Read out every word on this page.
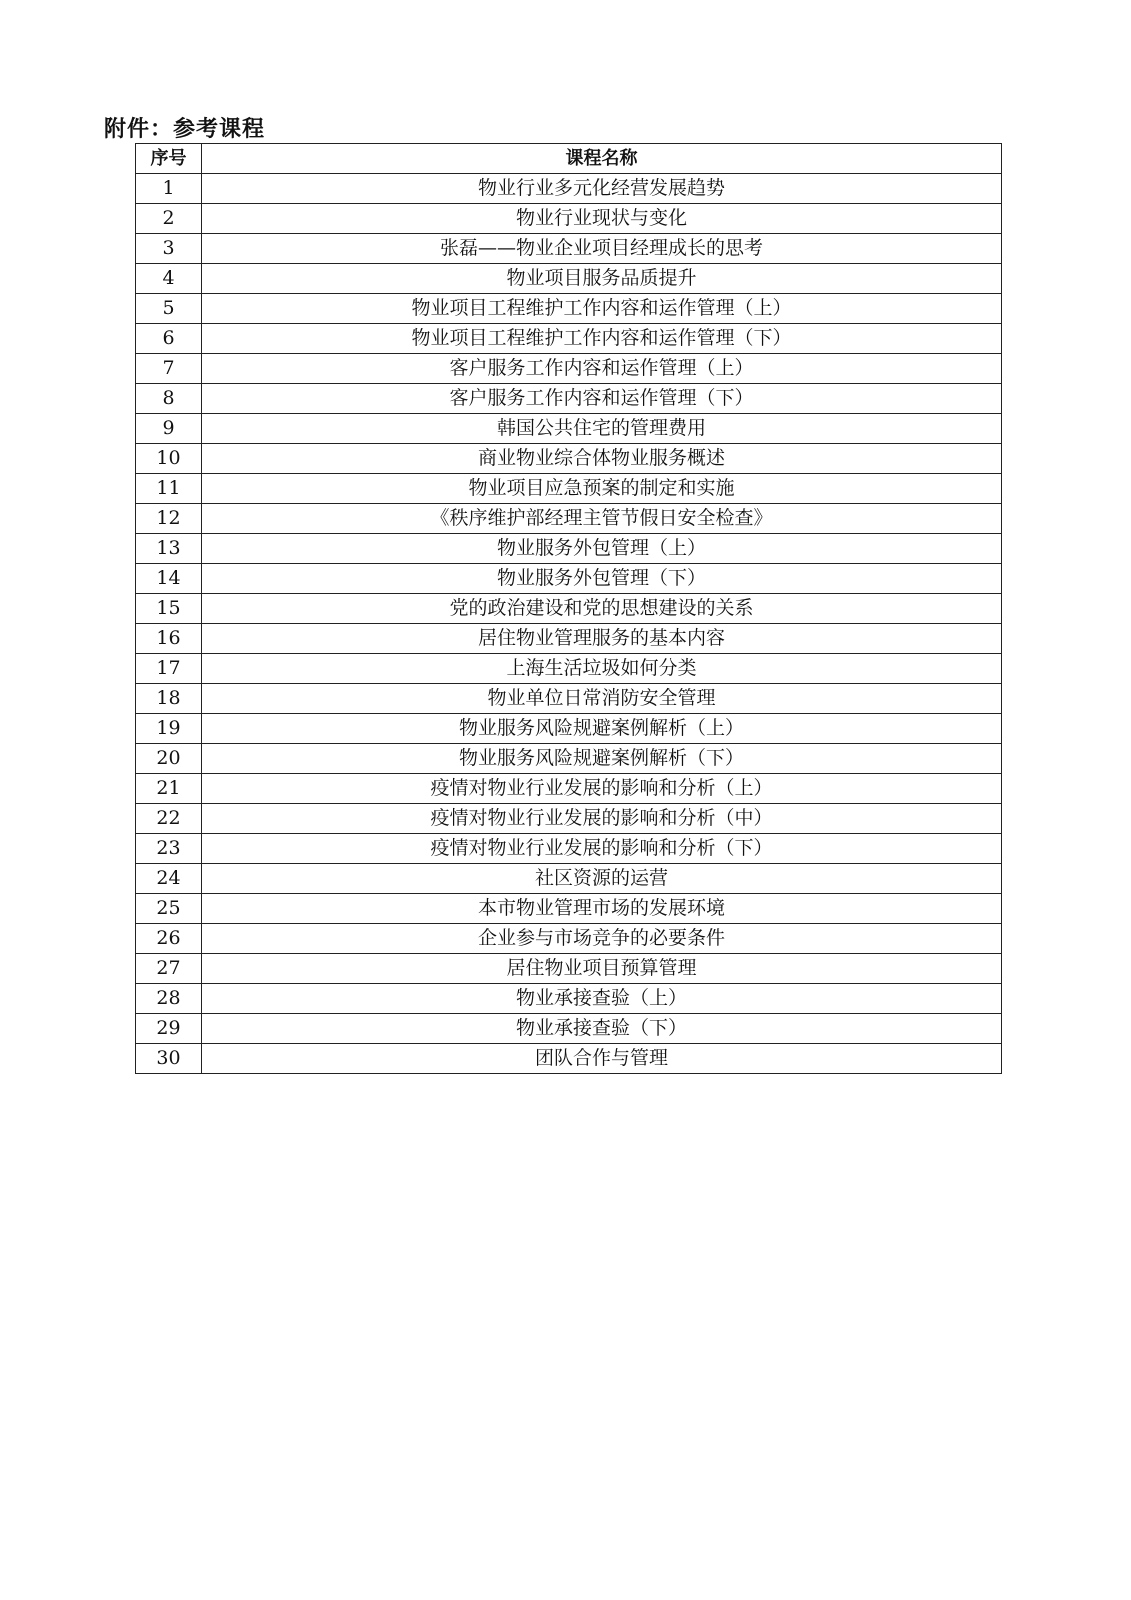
附件：参考课程
序号	课程名称
1	物业行业多元化经营发展趋势
2	物业行业现状与变化
3	张磊——物业企业项目经理成长的思考
4	物业项目服务品质提升
5	物业项目工程维护工作内容和运作管理（上）
6	物业项目工程维护工作内容和运作管理（下）
7	客户服务工作内容和运作管理（上）
8	客户服务工作内容和运作管理（下）
9	韩国公共住宅的管理费用
10	商业物业综合体物业服务概述
11	物业项目应急预案的制定和实施
12	《秩序维护部经理主管节假日安全检查》
13	物业服务外包管理（上）
14	物业服务外包管理（下）
15	党的政治建设和党的思想建设的关系
16	居住物业管理服务的基本内容
17	上海生活垃圾如何分类
18	物业单位日常消防安全管理
19	物业服务风险规避案例解析（上）
20	物业服务风险规避案例解析（下）
21	疫情对物业行业发展的影响和分析（上）
22	疫情对物业行业发展的影响和分析（中）
23	疫情对物业行业发展的影响和分析（下）
24	社区资源的运营
25	本市物业管理市场的发展环境
26	企业参与市场竞争的必要条件
27	居住物业项目预算管理
28	物业承接查验（上）
29	物业承接查验（下）
30	团队合作与管理
